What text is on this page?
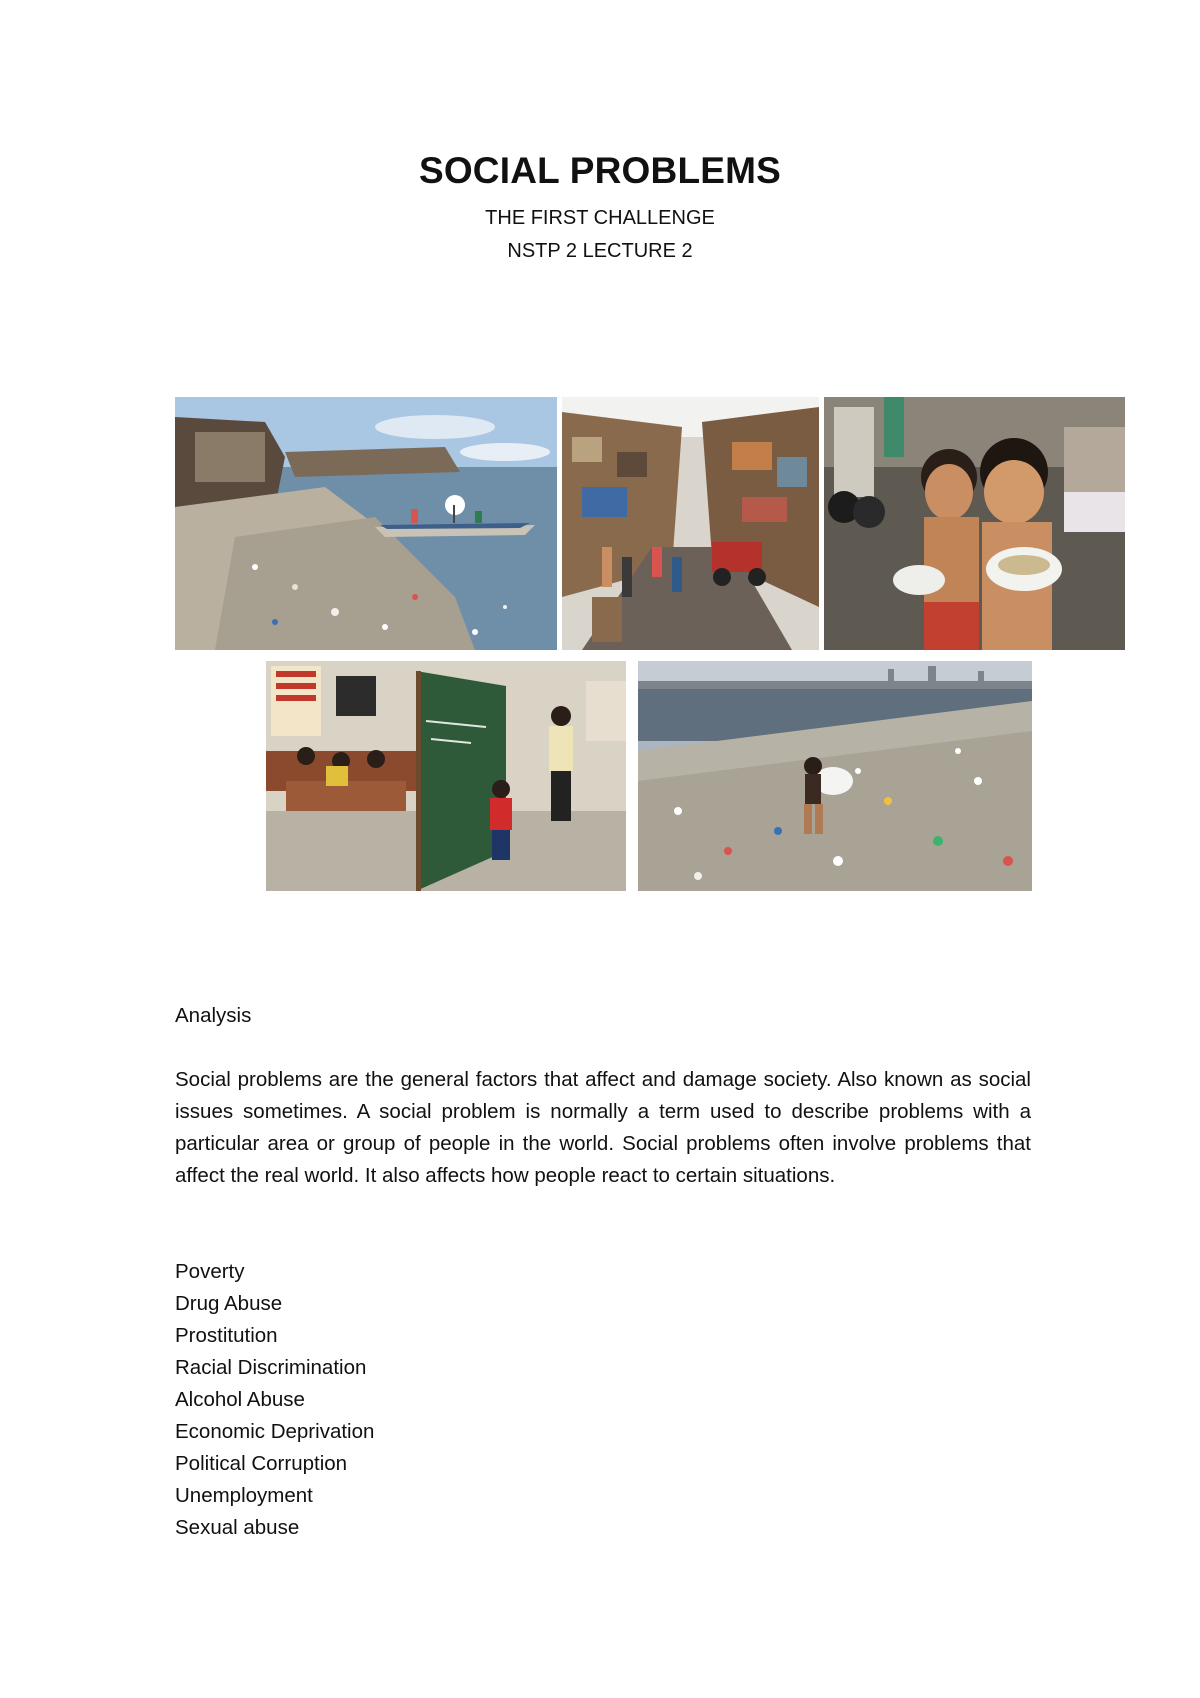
SOCIAL PROBLEMS
THE FIRST CHALLENGE
NSTP 2 LECTURE 2
Analysis
Social problems are the general factors that affect and damage society. Also known as social issues sometimes. A social problem is normally a term used to describe problems with a particular area or group of people in the world. Social problems often involve problems that affect the real world. It also affects how people react to certain situations.
Poverty
Drug Abuse
Prostitution
Racial Discrimination
Alcohol Abuse
Economic Deprivation
Political Corruption
Unemployment
Sexual abuse
